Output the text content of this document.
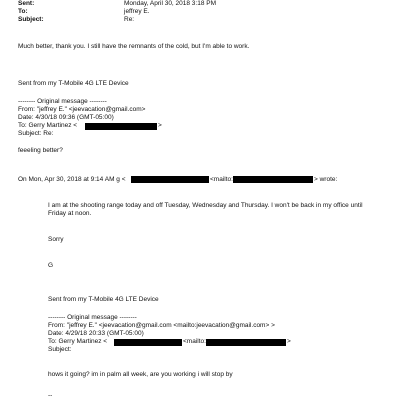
Sent:	Monday, April 30, 2018 3:18 PM
To:	jeffrey E.
Subject:	Re:
Much better, thank you. I still have the remnants of the cold, but I'm able to work.
Sent from my T-Mobile 4G LTE Device
-------- Original message --------
From: "jeffrey E." <jeevacation@gmail.com>
Date: 4/30/18 09:36 (GMT-05:00)
To: Gerry Martinez <	>
Subject: Re:
feeeling better?
On Mon, Apr 30, 2018 at 9:14 AM g <	<mailto:	> wrote:
I am at the shooting range today and off Tuesday, Wednesday and Thursday. I won't be back in my office until
Friday at noon.
Sorry
G
Sent from my T-Mobile 4G LTE Device
-------- Original message --------
From: "jeffrey E." <jeevacation@gmail.com <mailto:jeevacation@gmail.com> >
Date: 4/29/18 20:33 (GMT-05:00)
To: Gerry Martinez <	<mailto:	>
Subject:
hows it going? im in palm all week, are you working i will stop by
--
